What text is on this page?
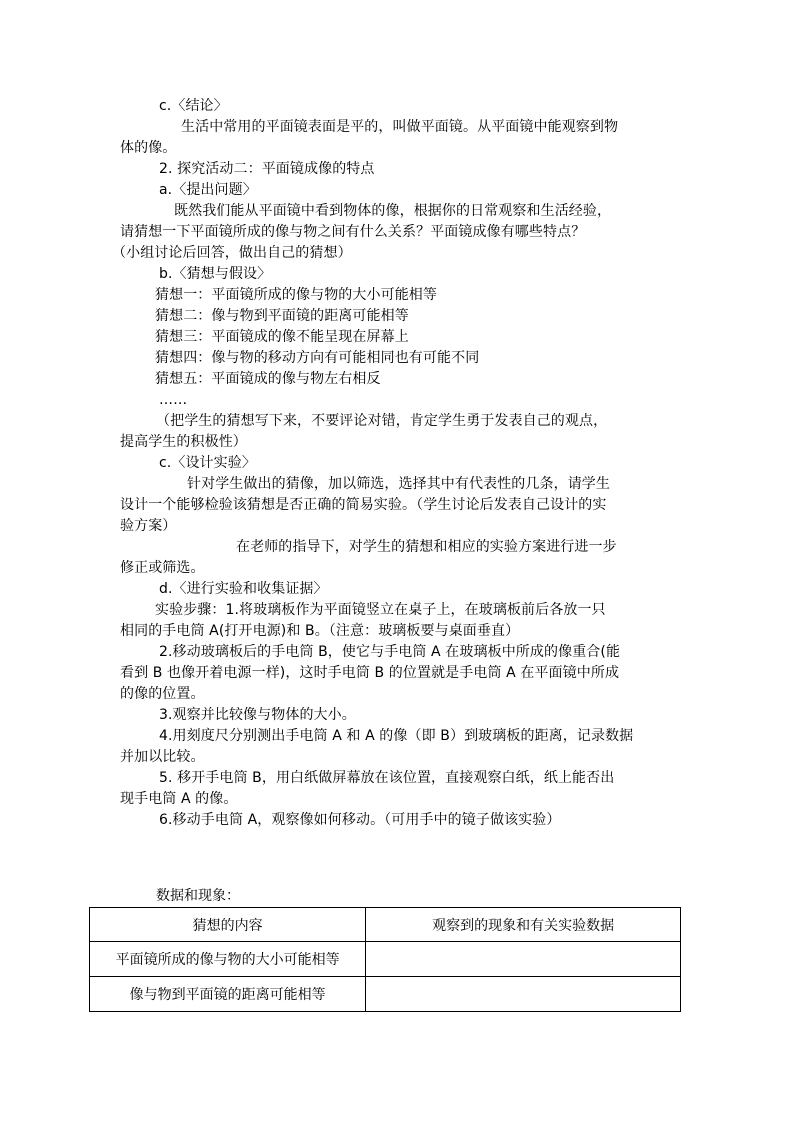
c.〈结论〉
生活中常用的平面镜表面是平的，叫做平面镜。从平面镜中能观察到物
体的像。
2. 探究活动二：平面镜成像的特点
a.〈提出问题〉
既然我们能从平面镜中看到物体的像，根据你的日常观察和生活经验，
请猜想一下平面镜所成的像与物之间有什么关系？平面镜成像有哪些特点？
（小组讨论后回答，做出自己的猜想）
b.〈猜想与假设〉
猜想一：平面镜所成的像与物的大小可能相等
猜想二：像与物到平面镜的距离可能相等
猜想三：平面镜成的像不能呈现在屏幕上
猜想四：像与物的移动方向有可能相同也有可能不同
猜想五：平面镜成的像与物左右相反
……
（把学生的猜想写下来，不要评论对错，肯定学生勇于发表自己的观点，
提高学生的积极性）
c.〈设计实验〉
针对学生做出的猜像，加以筛选，选择其中有代表性的几条，请学生
设计一个能够检验该猜想是否正确的简易实验。（学生讨论后发表自己设计的实
验方案）
在老师的指导下，对学生的猜想和相应的实验方案进行进一步
修正或筛选。
d.〈进行实验和收集证据〉
实验步骤：1.将玻璃板作为平面镜竖立在桌子上，在玻璃板前后各放一只
相同的手电筒 A(打开电源)和 B。（注意：玻璃板要与桌面垂直）
2.移动玻璃板后的手电筒 B，使它与手电筒 A 在玻璃板中所成的像重合(能
看到 B 也像开着电源一样)，这时手电筒 B 的位置就是手电筒 A 在平面镜中所成
的像的位置。
3.观察并比较像与物体的大小。
4.用刻度尺分别测出手电筒 A 和 A 的像（即 B）到玻璃板的距离，记录数据
并加以比较。
5. 移开手电筒 B，用白纸做屏幕放在该位置，直接观察白纸，纸上能否出
现手电筒 A 的像。
6.移动手电筒 A，观察像如何移动。（可用手中的镜子做该实验）
数据和现象：
猜想的内容	观察到的现象和有关实验数据
平面镜所成的像与物的大小可能相等	
像与物到平面镜的距离可能相等	
